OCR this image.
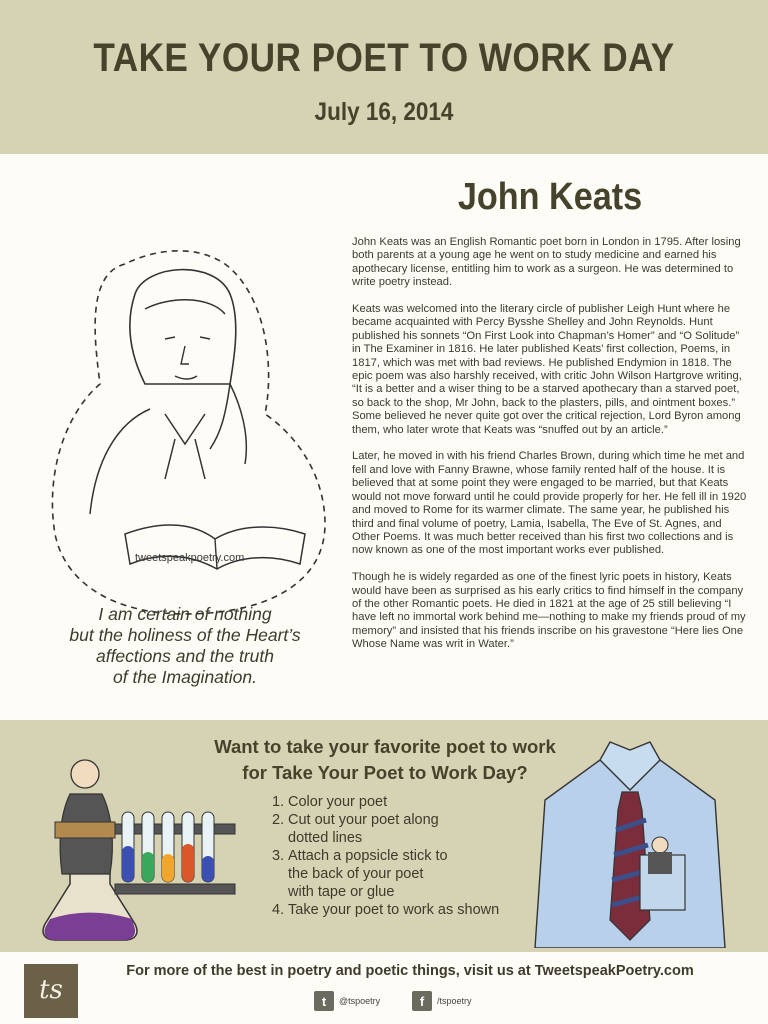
TAKE YOUR POET TO WORK DAY
July 16, 2014
John Keats

John Keats was an English Romantic poet born in London in 1795. After losing both parents at a young age he went on to study medicine and earned his apothecary license, entitling him to work as a surgeon. He was determined to write poetry instead.

Keats was welcomed into the literary circle of publisher Leigh Hunt where he became acquainted with Percy Bysshe Shelley and John Reynolds. Hunt published his sonnets “On First Look into Chapman’s Homer” and “O Solitude” in The Examiner in 1816. He later published Keats’ first collection, Poems, in 1817, which was met with bad reviews. He published Endymion in 1818. The epic poem was also harshly received, with critic John Wilson Hartgrove writing, “It is a better and a wiser thing to be a starved apothecary than a starved poet, so back to the shop, Mr John, back to the plasters, pills, and ointment boxes.” Some believed he never quite got over the critical rejection, Lord Byron among them, who later wrote that Keats was “snuffed out by an article.”

Later, he moved in with his friend Charles Brown, during which time he met and fell and love with Fanny Brawne, whose family rented half of the house. It is believed that at some point they were engaged to be married, but that Keats would not move forward until he could provide properly for her. He fell ill in 1920 and moved to Rome for its warmer climate. The same year, he published his third and final volume of poetry, Lamia, Isabella, The Eve of St. Agnes, and Other Poems. It was much better received than his first two collections and is now known as one of the most important works ever published.

Though he is widely regarded as one of the finest lyric poets in history, Keats would have been as surprised as his early critics to find himself in the company of the other Romantic poets. He died in 1821 at the age of 25 still believing “I have left no immortal work behind me—nothing to make my friends proud of my memory” and insisted that his friends inscribe on his gravestone “Here lies One Whose Name was writ in Water.”

tweetspeakpoetry.com
I am certain of nothing
but the holiness of the Heart’s
affections and the truth
of the Imagination.
Want to take your favorite poet to work
for Take Your Poet to Work Day?
1. Color your poet
2. Cut out your poet along
dotted lines
3. Attach a popsicle stick to
the back of your poet
with tape or glue
4. Take your poet to work as shown
ts
For more of the best in poetry and poetic things, visit us at TweetspeakPoetry.com
t	@tspoetry	f	/tspoetry
